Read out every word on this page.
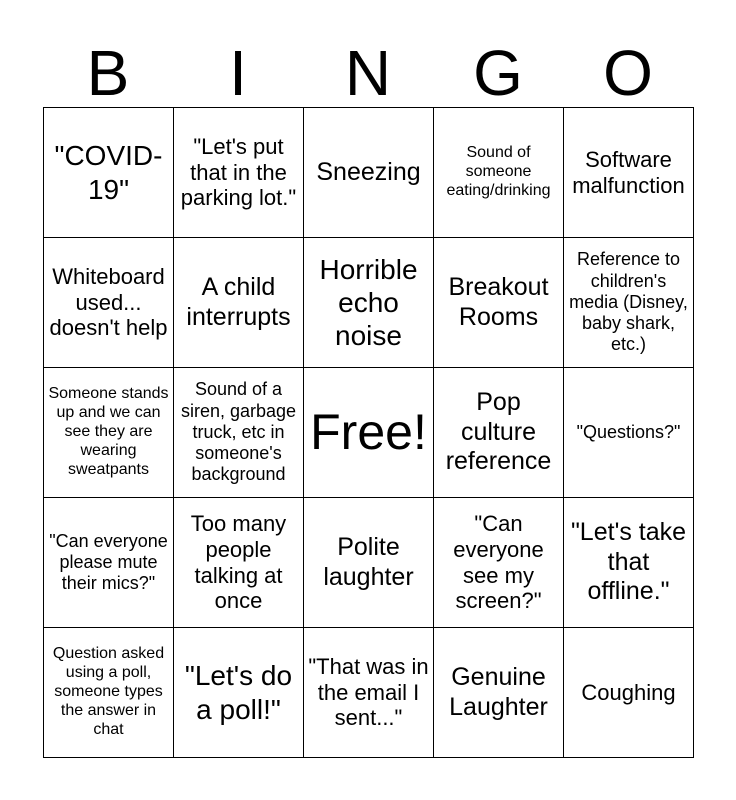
B	I	N	G	O
"COVID-19"	"Let's put that in the parking lot."	Sneezing	Sound of someone eating/drinking	Software malfunction
Whiteboard used... doesn't help	A child interrupts	Horrible echo noise	Breakout Rooms	Reference to children's media (Disney, baby shark, etc.)
Someone stands up and we can see they are wearing sweatpants	Sound of a siren, garbage truck, etc in someone's background	Free!	Pop culture reference	"Questions?"
"Can everyone please mute their mics?"	Too many people talking at once	Polite laughter	"Can everyone see my screen?"	"Let's take that offline."
Question asked using a poll, someone types the answer in chat	"Let's do a poll!"	"That was in the email I sent..."	Genuine Laughter	Coughing
